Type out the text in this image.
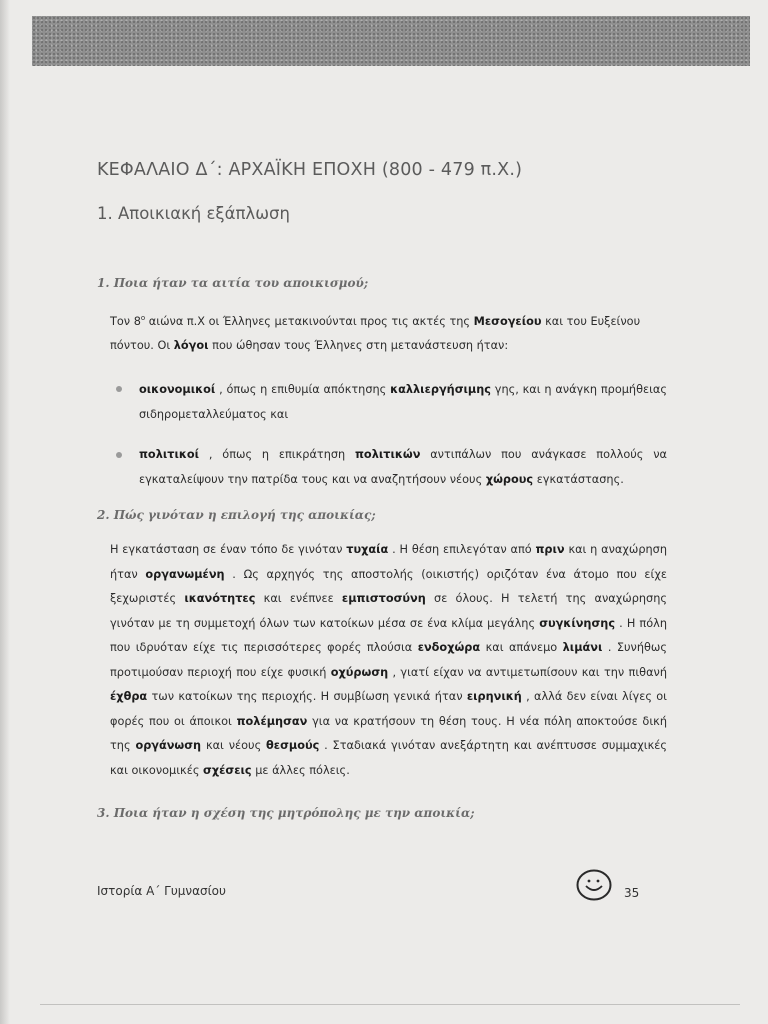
ΚΕΦΑΛΑΙΟ Δ΄: ΑΡΧΑΪΚΗ ΕΠΟΧΗ (800 - 479 π.Χ.)
1. Αποικιακή εξάπλωση
1. Ποια ήταν τα αιτία του αποικισμού;
Τον $8^o$ αιώνα π.Χ οι Έλληνες μετακινούνται προς τις ακτές της Μεσογείου και του Ευξείνου
πόντου. Οι λόγοι που ώθησαν τους Έλληνες στη μετανάστευση ήταν:
οικονομικοί , όπως η επιθυμία απόκτησης καλλιεργήσιμης γης, και η ανάγκη προμήθειας σιδηρομεταλλεύματος και
πολιτικοί , όπως η επικράτηση πολιτικών αντιπάλων που ανάγκασε πολλούς να εγκαταλείψουν την πατρίδα τους και να αναζητήσουν νέους χώρους εγκατάστασης.
2. Πώς γινόταν η επιλογή της αποικίας;
Η εγκατάσταση σε έναν τόπο δε γινόταν τυχαία . Η θέση επιλεγόταν από πριν και η αναχώρηση ήταν οργανωμένη . Ως αρχηγός της αποστολής (οικιστής) οριζόταν ένα άτομο που είχε ξεχωριστές ικανότητες και ενέπνεε εμπιστοσύνη σε όλους. Η τελετή της αναχώρησης γινόταν με τη συμμετοχή όλων των κατοίκων μέσα σε ένα κλίμα μεγάλης συγκίνησης . Η πόλη που ιδρυόταν είχε τις περισσότερες φορές πλούσια ενδοχώρα και απάνεμο λιμάνι . Συνήθως προτιμούσαν περιοχή που είχε φυσική οχύρωση , γιατί είχαν να αντιμετωπίσουν και την πιθανή έχθρα των κατοίκων της περιοχής. Η συμβίωση γενικά ήταν ειρηνική , αλλά δεν είναι λίγες οι φορές που οι άποικοι πολέμησαν για να κρατήσουν τη θέση τους. Η νέα πόλη αποκτούσε δική της οργάνωση και νέους θεσμούς . Σταδιακά γινόταν ανεξάρτητη και ανέπτυσσε συμμαχικές και οικονομικές σχέσεις με άλλες πόλεις.
3. Ποια ήταν η σχέση της μητρόπολης με την αποικία;
Ιστορία Α΄ Γυμνασίου	35
